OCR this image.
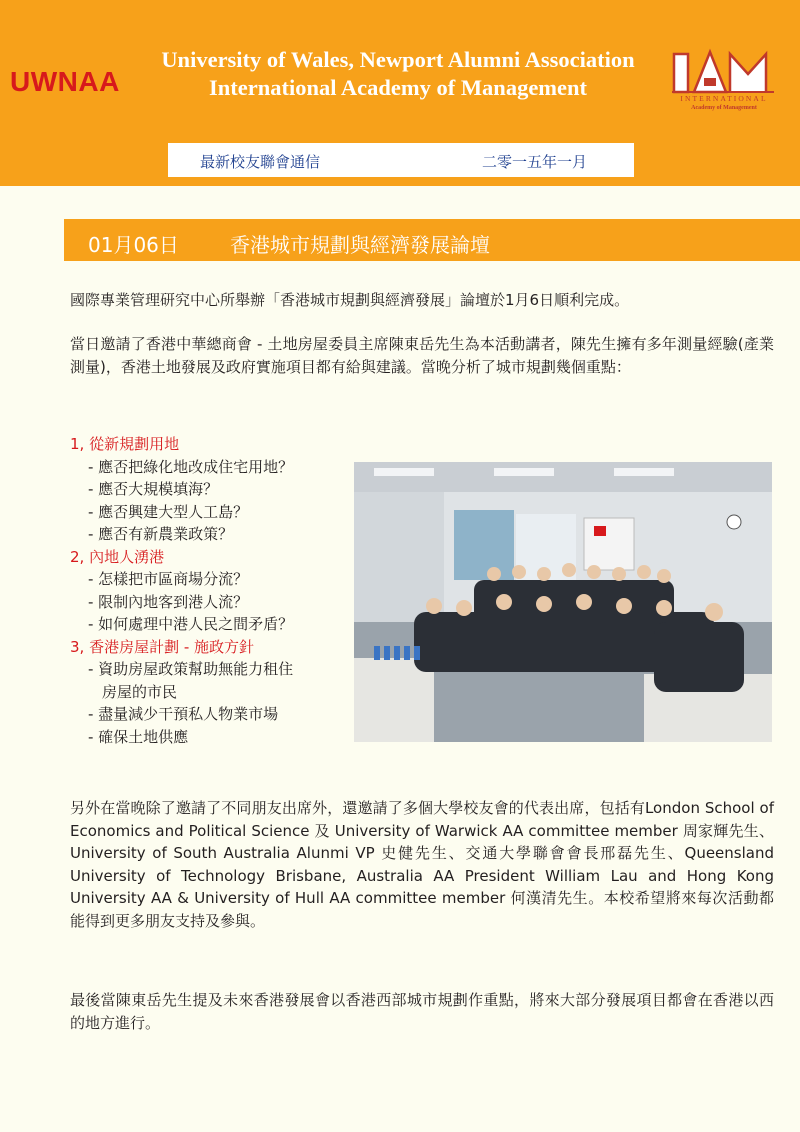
UWNAA
University of Wales, Newport Alumni Association
International Academy of Management	INTERNATIONAL
Academy of Management
最新校友聯會通信	二零一五年一月
01月06日	香港城市規劃與經濟發展論壇
國際專業管理研究中心所舉辦「香港城市規劃與經濟發展」論壇於1月6日順利完成。
當日邀請了香港中華總商會 - 土地房屋委員主席陳東岳先生為本活動講者，陳先生擁有多年測量經驗(產業測量)，香港土地發展及政府實施項目都有給與建議。當晚分析了城市規劃幾個重點：
1, 從新規劃用地
- 應否把綠化地改成住宅用地？
- 應否大規模填海？
- 應否興建大型人工島？
- 應否有新農業政策？
2, 內地人湧港
- 怎樣把市區商場分流？
- 限制內地客到港人流？
- 如何處理中港人民之間矛盾？
3, 香港房屋計劃 - 施政方針
- 資助房屋政策幫助無能力租住
房屋的市民
- 盡量減少干預私人物業市場
- 確保土地供應
另外在當晚除了邀請了不同朋友出席外，還邀請了多個大學校友會的代表出席，包括有London School of Economics and Political Science 及 University of Warwick AA committee member 周家輝先生、University of South Australia Alunmi VP 史健先生、交通大學聯會會長邢磊先生、Queensland University of Technology Brisbane, Australia AA President William Lau and Hong Kong University AA & University of Hull AA committee member 何漢清先生。本校希望將來每次活動都能得到更多朋友支持及參與。
最後當陳東岳先生提及未來香港發展會以香港西部城市規劃作重點，將來大部分發展項目都會在香港以西的地方進行。
